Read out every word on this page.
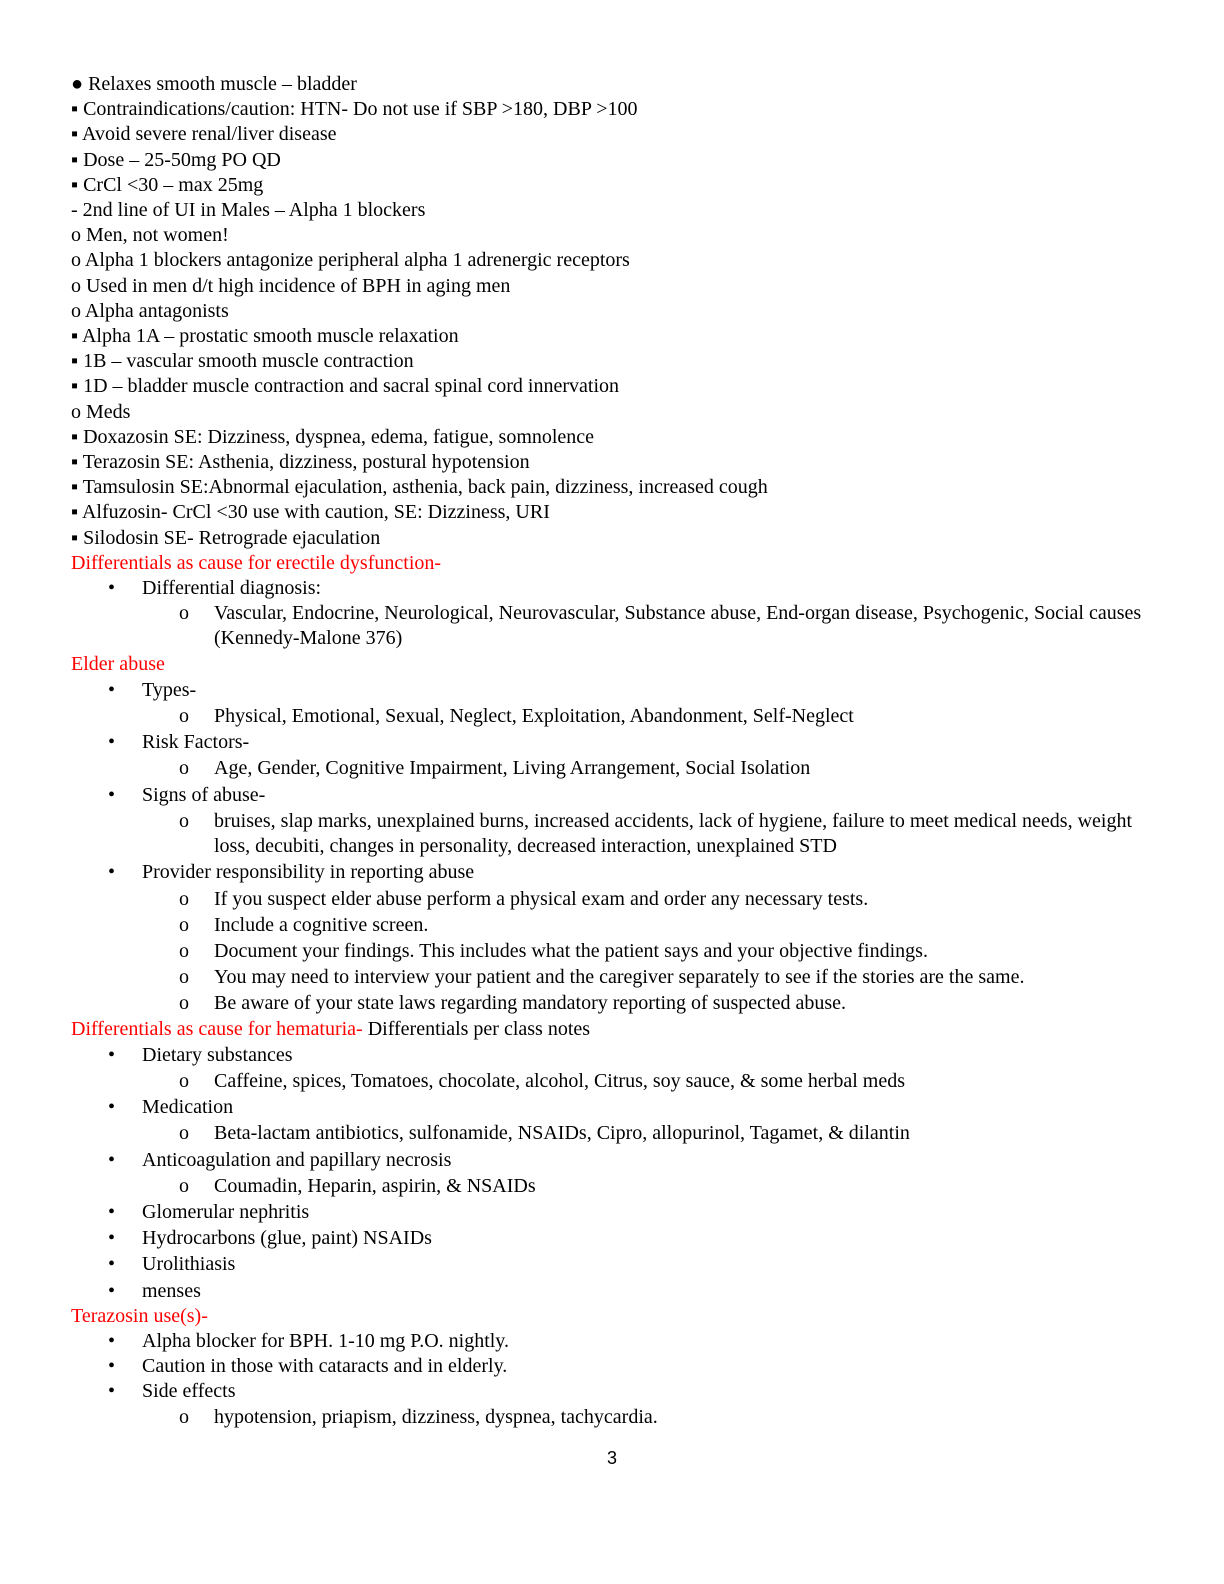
● Relaxes smooth muscle – bladder
▪ Contraindications/caution: HTN- Do not use if SBP >180, DBP >100
▪ Avoid severe renal/liver disease
▪ Dose – 25-50mg PO QD
▪ CrCl <30 – max 25mg
- 2nd line of UI in Males – Alpha 1 blockers
o Men, not women!
o Alpha 1 blockers antagonize peripheral alpha 1 adrenergic receptors
o Used in men d/t high incidence of BPH in aging men
o Alpha antagonists
▪ Alpha 1A – prostatic smooth muscle relaxation
▪ 1B – vascular smooth muscle contraction
▪ 1D – bladder muscle contraction and sacral spinal cord innervation
o Meds
▪ Doxazosin SE: Dizziness, dyspnea, edema, fatigue, somnolence
▪ Terazosin SE: Asthenia, dizziness, postural hypotension
▪ Tamsulosin SE:Abnormal ejaculation, asthenia, back pain, dizziness, increased cough
▪ Alfuzosin- CrCl <30 use with caution, SE: Dizziness, URI
▪ Silodosin SE- Retrograde ejaculation
Differentials as cause for erectile dysfunction-
• Differential diagnosis:
o Vascular, Endocrine, Neurological, Neurovascular, Substance abuse, End-organ disease, Psychogenic, Social causes (Kennedy-Malone 376)
Elder abuse
• Types-
o Physical, Emotional, Sexual, Neglect, Exploitation, Abandonment, Self-Neglect
• Risk Factors-
o Age, Gender, Cognitive Impairment, Living Arrangement, Social Isolation
• Signs of abuse-
o bruises, slap marks, unexplained burns, increased accidents, lack of hygiene, failure to meet medical needs, weight loss, decubiti, changes in personality, decreased interaction, unexplained STD
• Provider responsibility in reporting abuse
o If you suspect elder abuse perform a physical exam and order any necessary tests.
o Include a cognitive screen.
o Document your findings. This includes what the patient says and your objective findings.
o You may need to interview your patient and the caregiver separately to see if the stories are the same.
o Be aware of your state laws regarding mandatory reporting of suspected abuse.
Differentials as cause for hematuria- Differentials per class notes
• Dietary substances
o Caffeine, spices, Tomatoes, chocolate, alcohol, Citrus, soy sauce, & some herbal meds
• Medication
o Beta-lactam antibiotics, sulfonamide, NSAIDs, Cipro, allopurinol, Tagamet, & dilantin
• Anticoagulation and papillary necrosis
o Coumadin, Heparin, aspirin, & NSAIDs
• Glomerular nephritis
• Hydrocarbons (glue, paint) NSAIDs
• Urolithiasis
• menses
Terazosin use(s)-
• Alpha blocker for BPH. 1-10 mg P.O. nightly.
• Caution in those with cataracts and in elderly.
• Side effects
o hypotension, priapism, dizziness, dyspnea, tachycardia.
3
